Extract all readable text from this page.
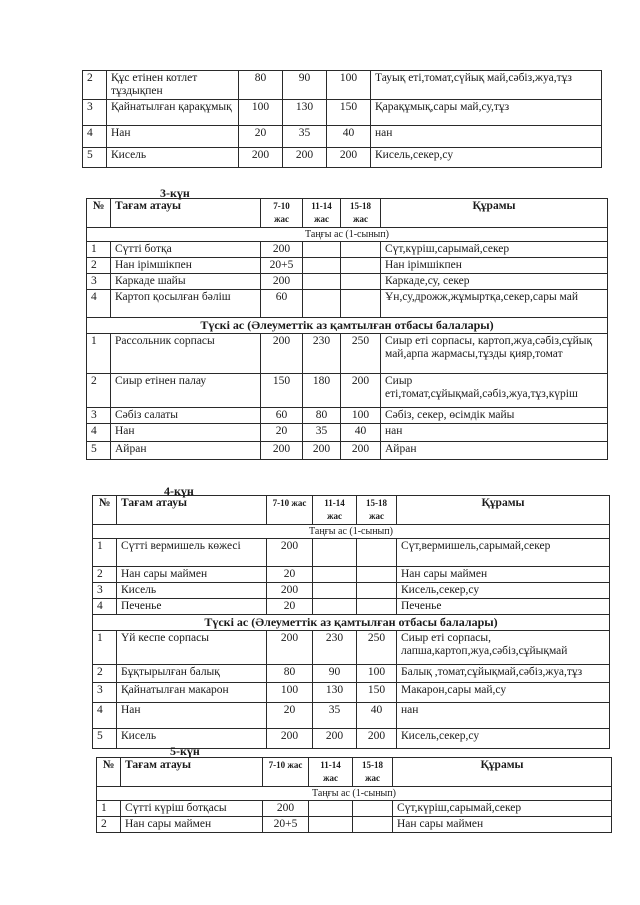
2	Құс етінен котлет тұздықпен	80	90	100	Тауық еті,томат,сүйық май,сәбіз,жуа,тұз
3	Қайнатылған қарақұмық	100	130	150	Қарақұмық,сары май,су,тұз
4	Нан	20	35	40	нан
5	Кисель	200	200	200	Кисель,секер,су
3-күн
№	Тағам атауы	7-10 жас	11-14 жас	15-18 жас	Құрамы
Таңғы ас (1-сынып)					
1	Сүтті ботқа	200			Сүт,күріш,сарымай,секер
2	Нан ірімшікпен	20+5			Нан ірімшікпен
3	Каркаде шайы	200			Каркаде,су, секер
4	Картоп қосылған бәліш	60			Ұн,су,дрожж,жұмыртқа,секер,сары май
Түскі ас (Әлеуметтік аз қамтылған отбасы балалары)					
1	Рассольник сорпасы	200	230	250	Сиыр еті сорпасы, картоп,жуа,сәбіз,сұйық май,арпа жармасы,тұзды қияр,томат
2	Сиыр етінен палау	150	180	200	Сиыр еті,томат,сұйықмай,сәбіз,жуа,тұз,күріш
3	Сәбіз салаты	60	80	100	Сәбіз, секер, өсімдік майы
4	Нан	20	35	40	нан
5	Айран	200	200	200	Айран
4-күн
№	Тағам атауы	7-10 жас	11-14 жас	15-18 жас	Құрамы
Таңғы ас (1-сынып)					
1	Сүтті вермишель көжесі	200			Сүт,вермишель,сарымай,секер
2	Нан сары маймен	20			Нан сары маймен
3	Кисель	200			Кисель,секер,су
4	Печенье	20			Печенье
Түскі ас (Әлеуметтік аз қамтылған отбасы балалары)					
1	Үй кеспе сорпасы	200	230	250	Сиыр еті сорпасы, лапша,картоп,жуа,сәбіз,сұйықмай
2	Бұқтырылған балық	80	90	100	Балық ,томат,сұйықмай,сәбіз,жуа,тұз
3	Қайнатылған макарон	100	130	150	Макарон,сары май,су
4	Нан	20	35	40	нан
5	Кисель	200	200	200	Кисель,секер,су
5-күн
№	Тағам атауы	7-10 жас	11-14 жас	15-18 жас	Құрамы
Таңғы ас (1-сынып)					
1	Сүтті күріш ботқасы	200			Сүт,күріш,сарымай,секер
2	Нан сары маймен	20+5			Нан сары маймен
